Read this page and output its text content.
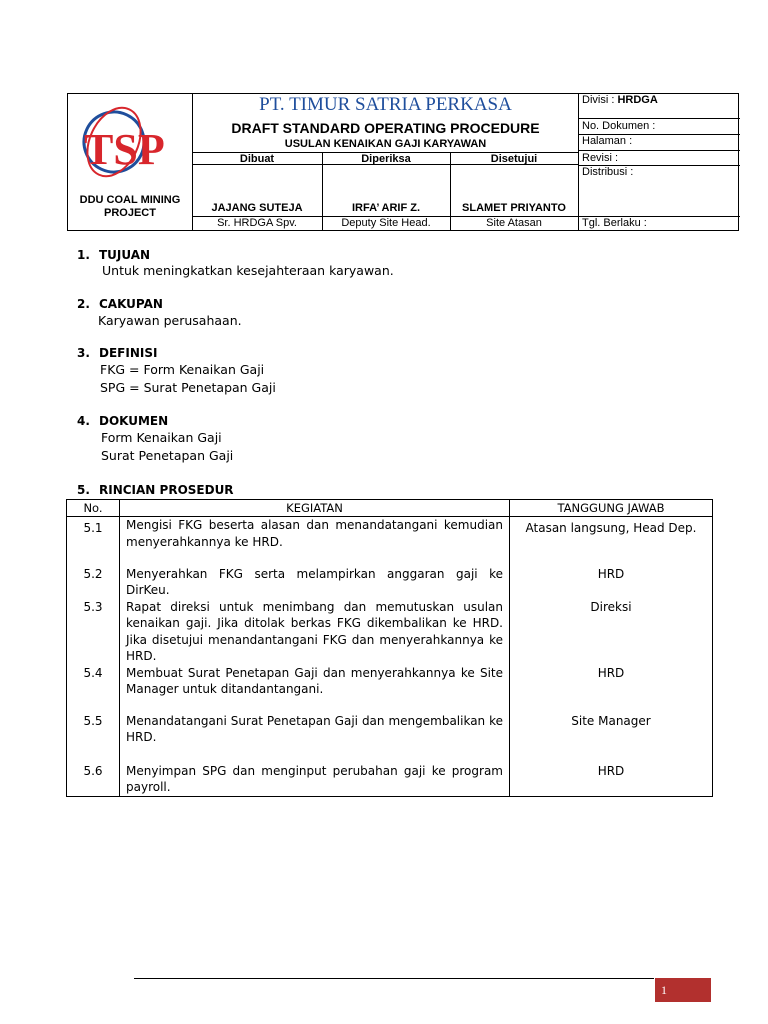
TSP
DDU COAL MINING PROJECT
PT. TIMUR SATRIA PERKASA
DRAFT STANDARD OPERATING PROCEDURE
USULAN KENAIKAN GAJI KARYAWAN
Dibuat	Diperiksa	Disetujui
JAJANG SUTEJA	IRFA’ ARIF Z.	SLAMET PRIYANTO
Sr. HRDGA Spv.	Deputy Site Head.	Site Atasan
Divisi : HRDGA
No. Dokumen :
Halaman :
Revisi :
Distribusi :
Tgl. Berlaku :
1. TUJUAN
Untuk meningkatkan kesejahteraan karyawan.
2. CAKUPAN
Karyawan perusahaan.
3. DEFINISI
FKG = Form Kenaikan Gaji
SPG = Surat Penetapan Gaji
4. DOKUMEN
Form Kenaikan Gaji
Surat Penetapan Gaji
5. RINCIAN PROSEDUR
No.	KEGIATAN	TANGGUNG JAWAB
5.1	Mengisi FKG beserta alasan dan menandatangani kemudian menyerahkannya ke HRD.	Atasan langsung, Head Dep.
5.2	Menyerahkan FKG serta melampirkan anggaran gaji ke DirKeu.	HRD
5.3	Rapat direksi untuk menimbang dan memutuskan usulan kenaikan gaji. Jika ditolak berkas FKG dikembalikan ke HRD. Jika disetujui menandantangani FKG dan menyerahkannya ke HRD.	Direksi
5.4	Membuat Surat Penetapan Gaji dan menyerahkannya ke Site Manager untuk ditandantangani.	HRD
5.5	Menandatangani Surat Penetapan Gaji dan mengembalikan ke HRD.	Site Manager
5.6	Menyimpan SPG dan menginput perubahan gaji ke program payroll.	HRD
1
